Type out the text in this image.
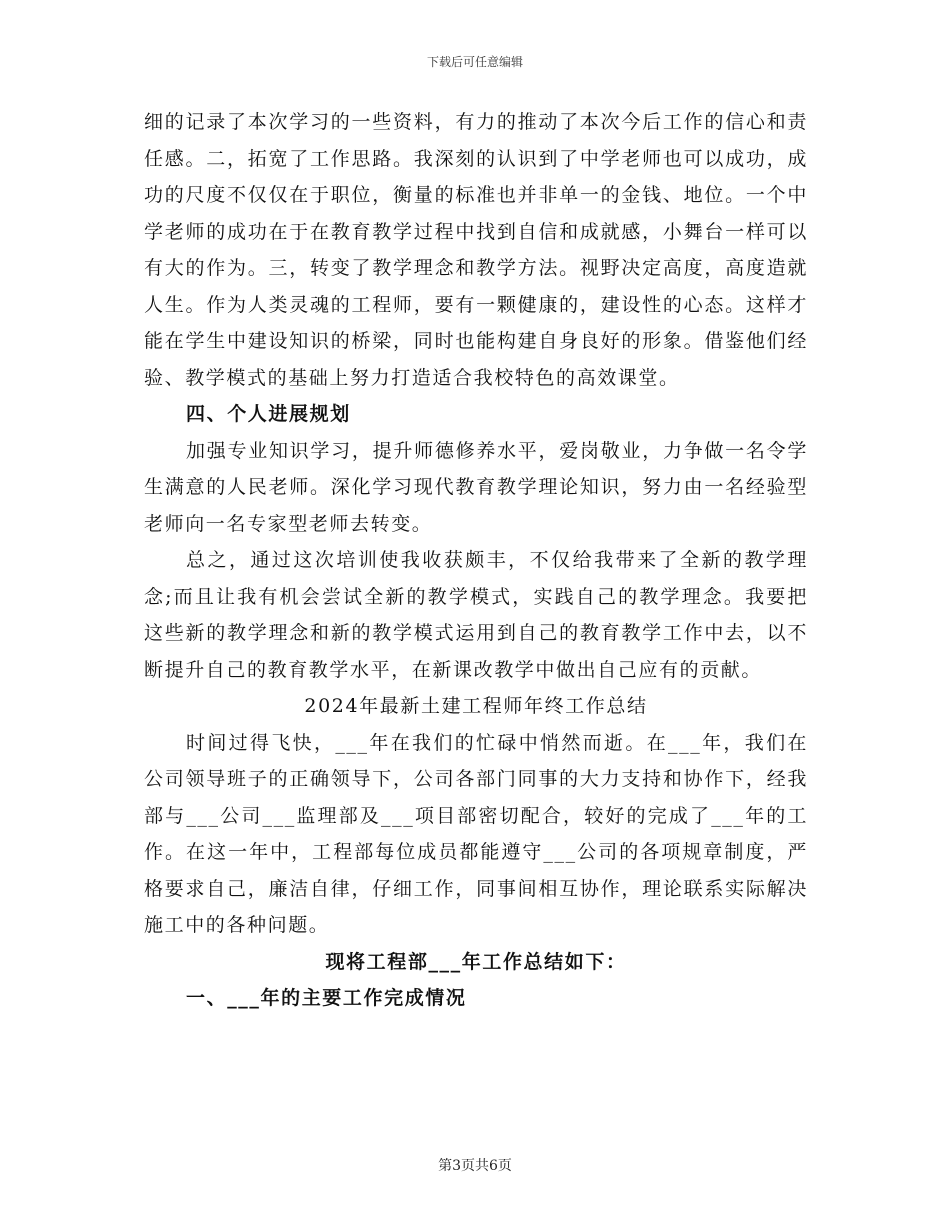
下载后可任意编辑

细的记录了本次学习的一些资料，有力的推动了本次今后工作的信心和责任感。二，拓宽了工作思路。我深刻的认识到了中学老师也可以成功，成功的尺度不仅仅在于职位，衡量的标准也并非单一的金钱、地位。一个中学老师的成功在于在教育教学过程中找到自信和成就感，小舞台一样可以有大的作为。三，转变了教学理念和教学方法。视野决定高度，高度造就人生。作为人类灵魂的工程师，要有一颗健康的，建设性的心态。这样才能在学生中建设知识的桥梁，同时也能构建自身良好的形象。借鉴他们经验、教学模式的基础上努力打造适合我校特色的高效课堂。

四、个人进展规划

加强专业知识学习，提升师德修养水平，爱岗敬业，力争做一名令学生满意的人民老师。深化学习现代教育教学理论知识，努力由一名经验型老师向一名专家型老师去转变。

总之，通过这次培训使我收获颇丰，不仅给我带来了全新的教学理念;而且让我有机会尝试全新的教学模式，实践自己的教学理念。我要把这些新的教学理念和新的教学模式运用到自己的教育教学工作中去，以不断提升自己的教育教学水平，在新课改教学中做出自己应有的贡献。

2024年最新土建工程师年终工作总结

时间过得飞快，___年在我们的忙碌中悄然而逝。在___年，我们在公司领导班子的正确领导下，公司各部门同事的大力支持和协作下，经我部与___公司___监理部及___项目部密切配合，较好的完成了___年的工作。在这一年中，工程部每位成员都能遵守___公司的各项规章制度，严格要求自己，廉洁自律，仔细工作，同事间相互协作，理论联系实际解决施工中的各种问题。

现将工程部___年工作总结如下：

一、___年的主要工作完成情况

第3页共6页
